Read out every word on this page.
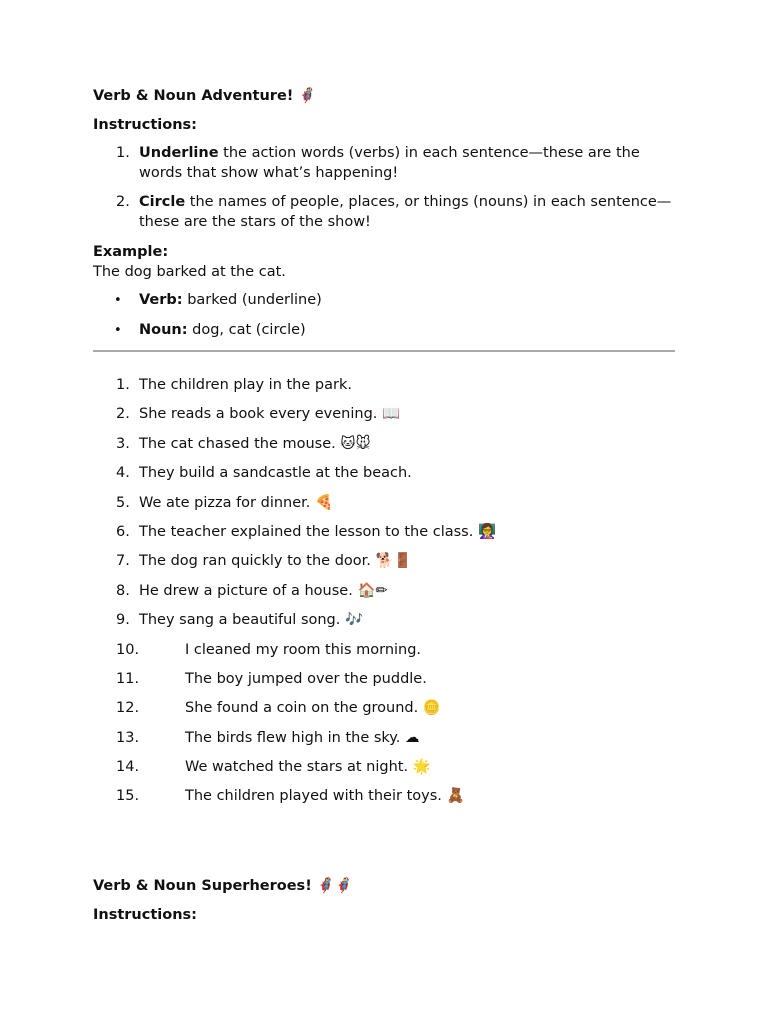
Verb & Noun Adventure! 🦸
Instructions:
1. Underline the action words (verbs) in each sentence—these are the words that show what’s happening!
2. Circle the names of people, places, or things (nouns) in each sentence—these are the stars of the show!
Example:
The dog barked at the cat.
• Verb: barked (underline)
• Noun: dog, cat (circle)
1. The children play in the park.
2. She reads a book every evening. 📖
3. The cat chased the mouse. 🐱🐭
4. They build a sandcastle at the beach.
5. We ate pizza for dinner. 🍕
6. The teacher explained the lesson to the class. 👩‍🏫
7. The dog ran quickly to the door. 🐕🚪
8. He drew a picture of a house. 🏠✏
9. They sang a beautiful song. 🎶
10.	I cleaned my room this morning.
11.	The boy jumped over the puddle.
12.	She found a coin on the ground. 🪙
13.	The birds flew high in the sky. ☁
14.	We watched the stars at night. 🌟
15.	The children played with their toys. 🧸
Verb & Noun Superheroes! 🦸‍♀️🦸‍♂
Instructions:
